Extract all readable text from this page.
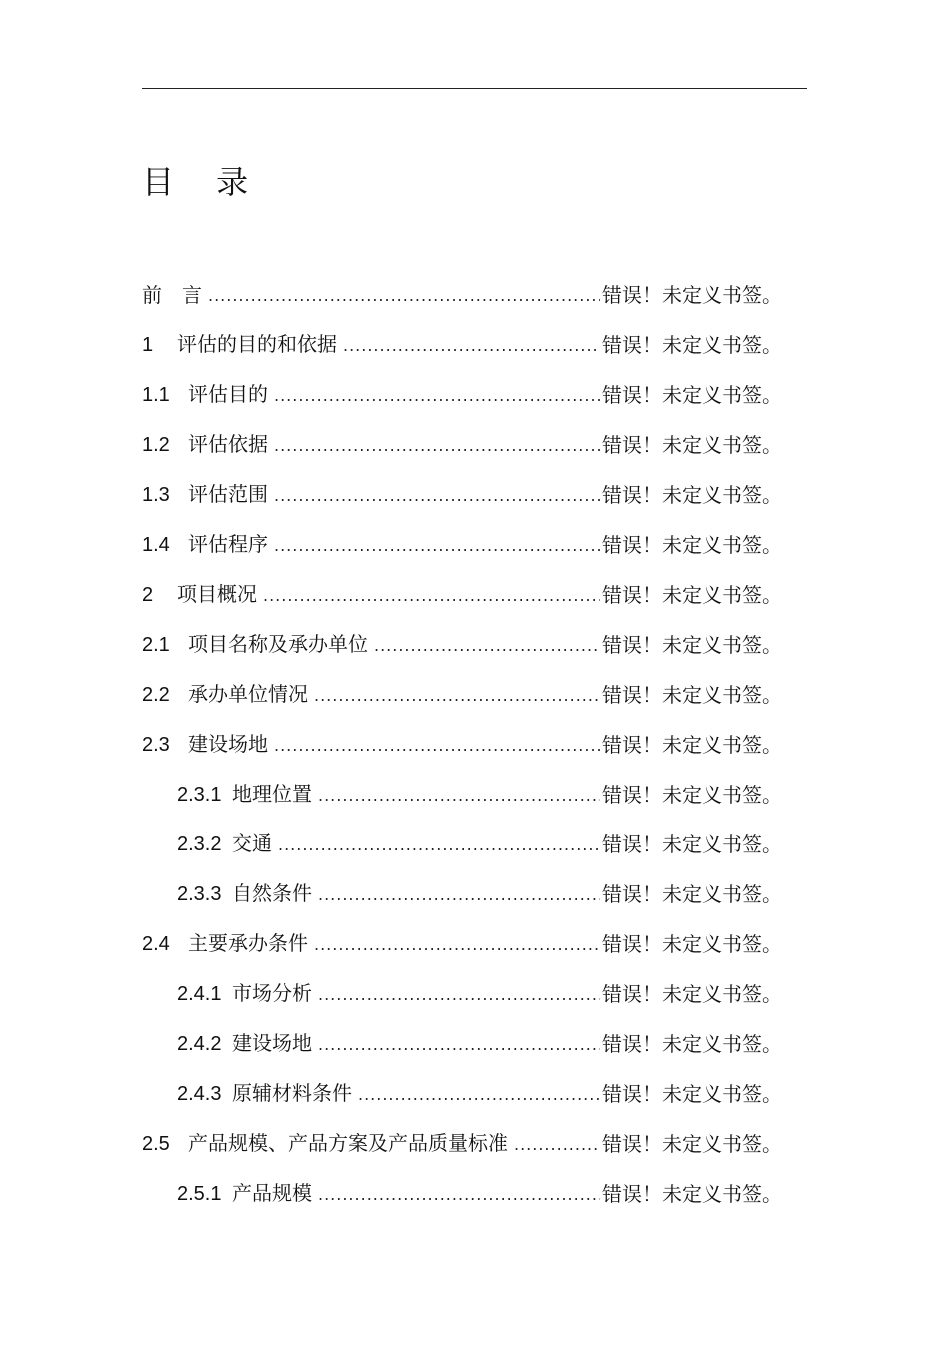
目 录
前　言 .....	错误！未定义书签。
1 评估的目的和依据 .....	错误！未定义书签。
1.1 评估目的 .....	错误！未定义书签。
1.2 评估依据 .....	错误！未定义书签。
1.3 评估范围 .....	错误！未定义书签。
1.4 评估程序 .....	错误！未定义书签。
2 项目概况 .....	错误！未定义书签。
2.1 项目名称及承办单位 .....	错误！未定义书签。
2.2 承办单位情况 .....	错误！未定义书签。
2.3 建设场地 .....	错误！未定义书签。
2.3.1 地理位置 .....	错误！未定义书签。
2.3.2 交通 .....	错误！未定义书签。
2.3.3 自然条件 .....	错误！未定义书签。
2.4 主要承办条件 .....	错误！未定义书签。
2.4.1 市场分析 .....	错误！未定义书签。
2.4.2 建设场地 .....	错误！未定义书签。
2.4.3 原辅材料条件 .....	错误！未定义书签。
2.5 产品规模、产品方案及产品质量标准 .....	错误！未定义书签。
2.5.1 产品规模 .....	错误！未定义书签。
